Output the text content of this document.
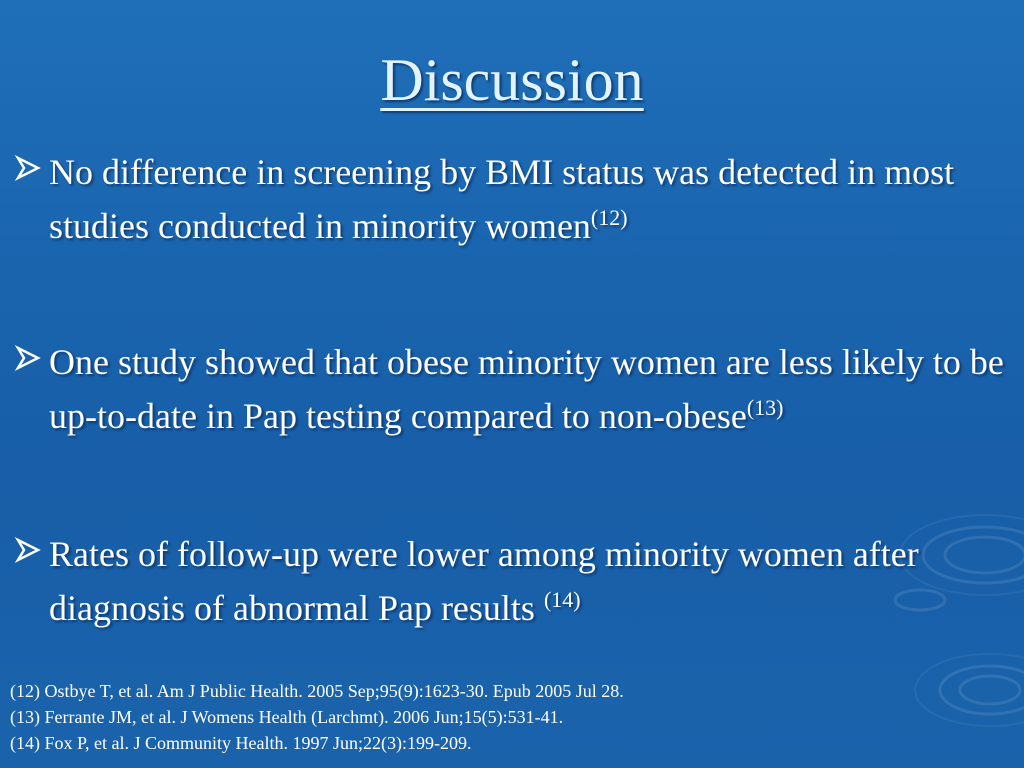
Discussion

No difference in screening by BMI status was detected in most studies conducted in minority women$^{(12)}$

One study showed that obese minority women are less likely to be up-to-date in Pap testing compared to non-obese$^{(13)}$

Rates of follow-up were lower among minority women after diagnosis of abnormal Pap results $^{(14)}$

(12) Ostbye T, et al. Am J Public Health. 2005 Sep;95(9):1623-30. Epub 2005 Jul 28.
(13) Ferrante JM, et al. J Womens Health (Larchmt). 2006 Jun;15(5):531-41.
(14) Fox P, et al. J Community Health. 1997 Jun;22(3):199-209.
